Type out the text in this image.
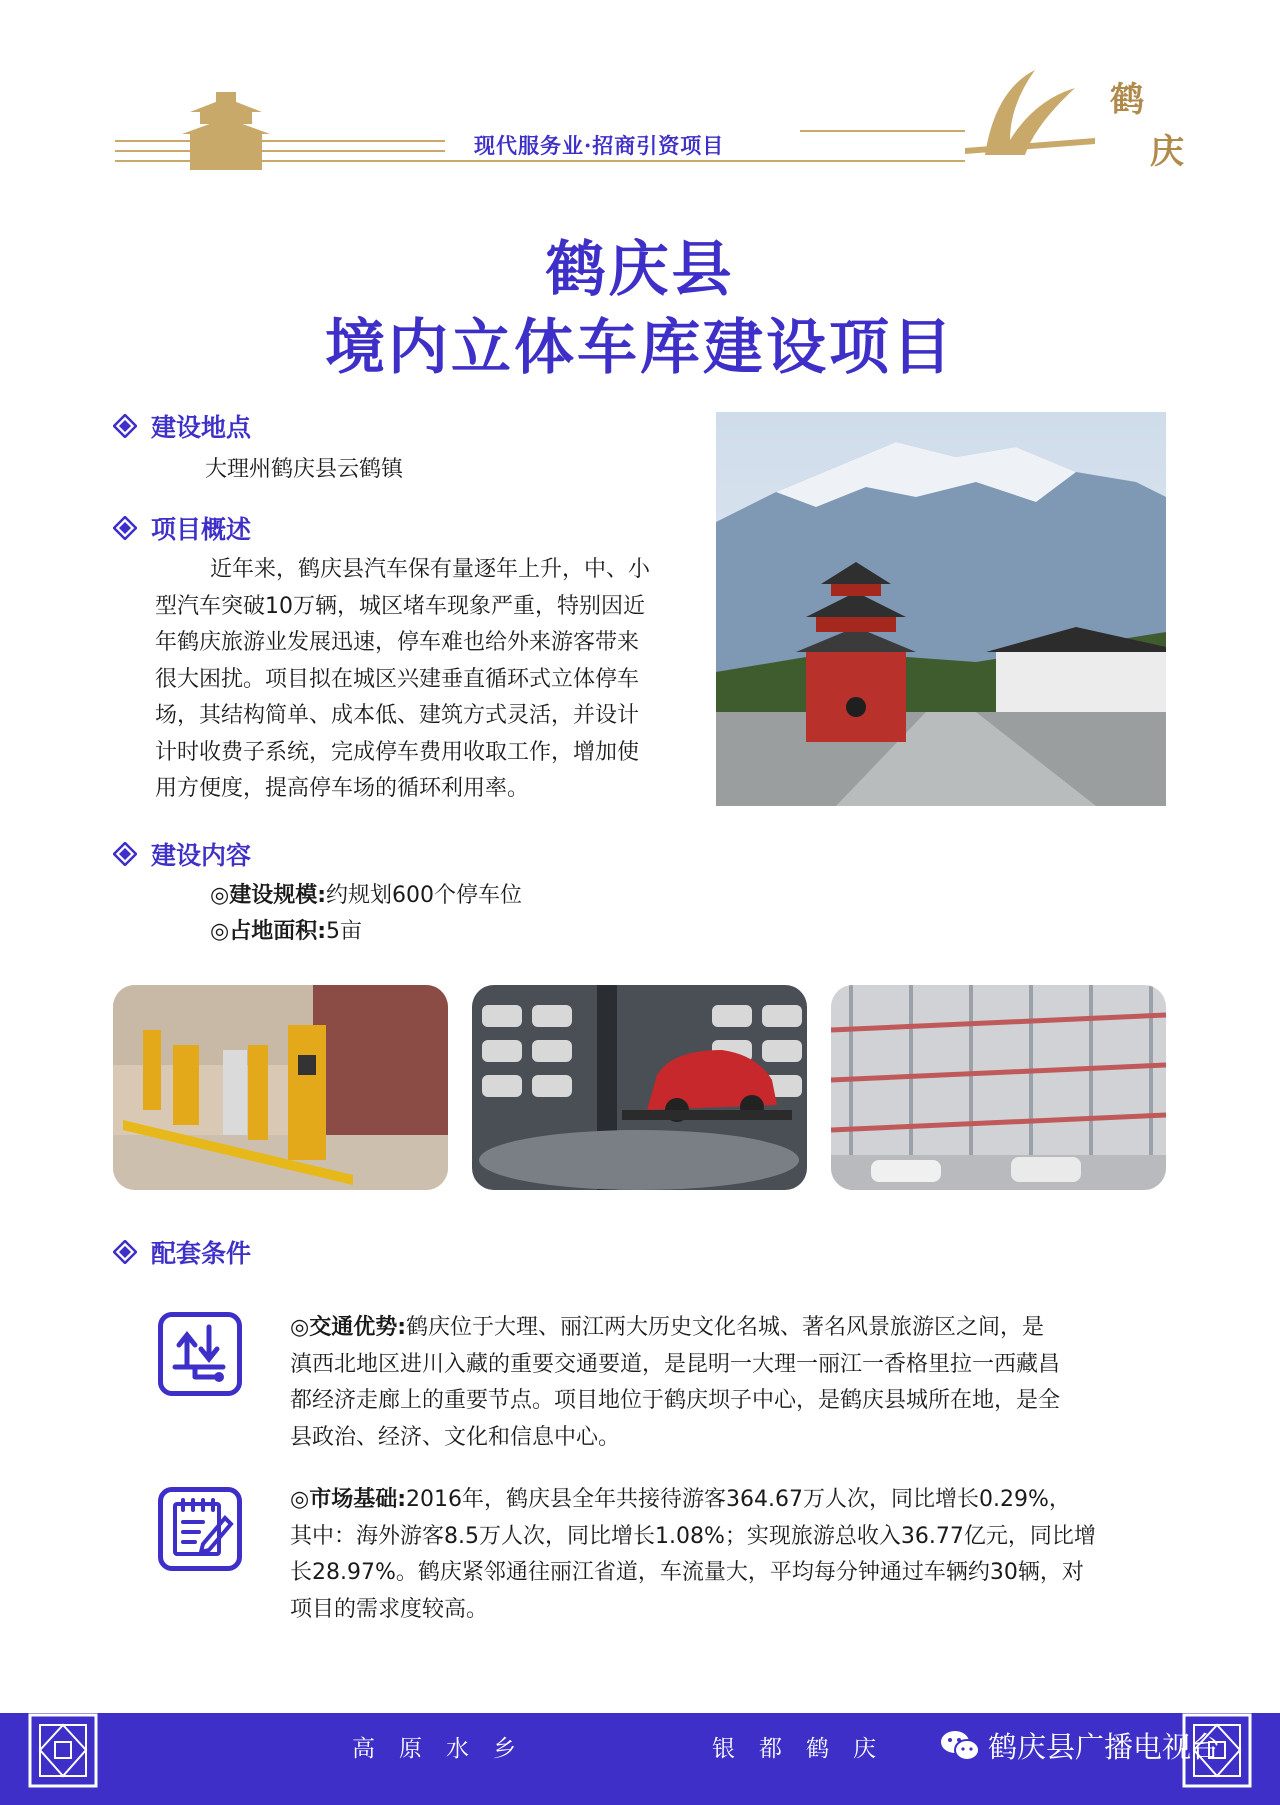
现代服务业·招商引资项目
鹤
庆
鹤庆县
境内立体车库建设项目
建设地点
大理州鹤庆县云鹤镇
项目概述
近年来，鹤庆县汽车保有量逐年上升，中、小
型汽车突破10万辆，城区堵车现象严重，特别因近
年鹤庆旅游业发展迅速，停车难也给外来游客带来
很大困扰。项目拟在城区兴建垂直循环式立体停车
场，其结构简单、成本低、建筑方式灵活，并设计
计时收费子系统，完成停车费用收取工作，增加使
用方便度，提高停车场的循环利用率。
建设内容
◎建设规模:约规划600个停车位
◎占地面积:5亩
配套条件
◎交通优势:鹤庆位于大理、丽江两大历史文化名城、著名风景旅游区之间，是
滇西北地区进川入藏的重要交通要道，是昆明一大理一丽江一香格里拉一西藏昌
都经济走廊上的重要节点。项目地位于鹤庆坝子中心，是鹤庆县城所在地，是全
县政治、经济、文化和信息中心。
◎市场基础:2016年，鹤庆县全年共接待游客364.67万人次，同比增长0.29%，
其中：海外游客8.5万人次，同比增长1.08%；实现旅游总收入36.77亿元，同比增
长28.97%。鹤庆紧邻通往丽江省道，车流量大，平均每分钟通过车辆约30辆，对
项目的需求度较高。
高原水乡	银都鹤庆	鹤庆县广播电视台
